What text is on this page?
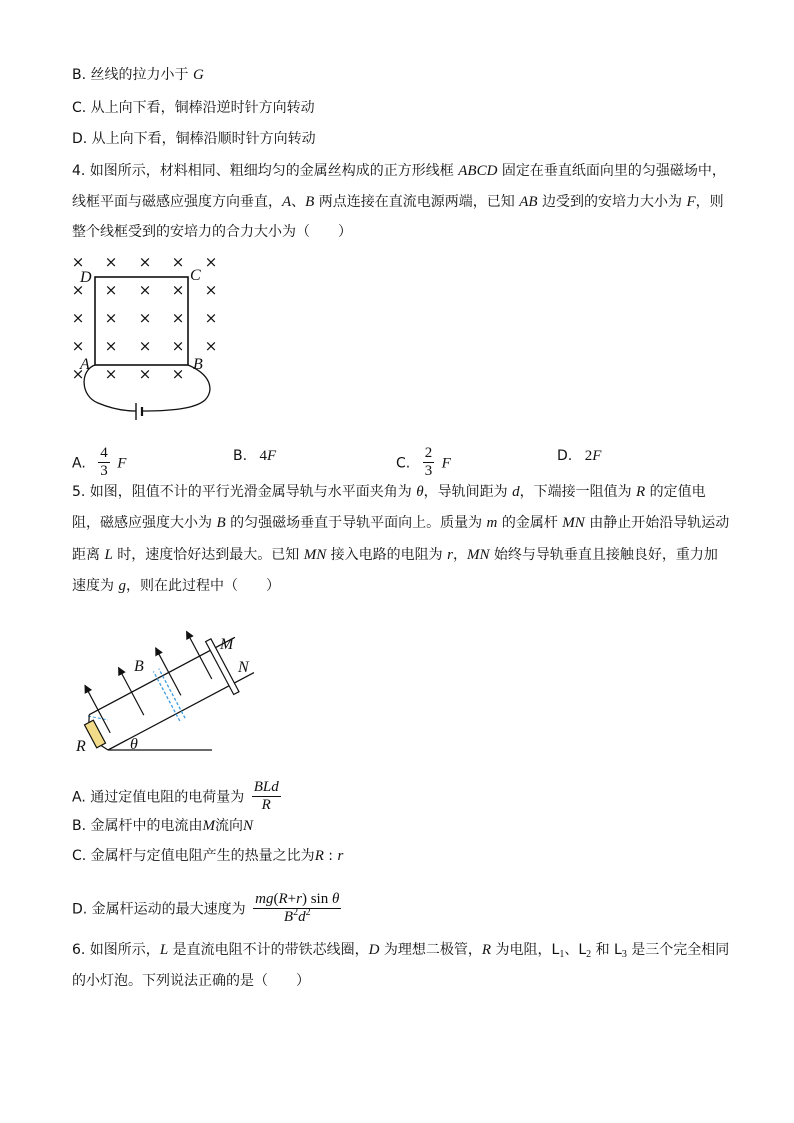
B. 丝线的拉力小于 G
C. 从上向下看，铜棒沿逆时针方向转动
D. 从上向下看，铜棒沿顺时针方向转动
4. 如图所示，材料相同、粗细均匀的金属丝构成的正方形线框 ABCD 固定在垂直纸面向里的匀强磁场中，
线框平面与磁感应强度方向垂直，A、B 两点连接在直流电源两端，已知 AB 边受到的安培力大小为 F，则
整个线框受到的安培力的合力大小为（　　）
× × × × ×
× × × × ×
× × × × ×
× × × × ×
× × × ×
D	C
A	B
A. $\frac{4}{3}$ F	B. 4F	C. $\frac{2}{3}$ F	D. 2F
5. 如图，阻值不计的平行光滑金属导轨与水平面夹角为 θ，导轨间距为 d，下端接一阻值为 R 的定值电
阻，磁感应强度大小为 B 的匀强磁场垂直于导轨平面向上。质量为 m 的金属杆 MN 由静止开始沿导轨运动
距离 L 时，速度恰好达到最大。已知 MN 接入电路的电阻为 r，MN 始终与导轨垂直且接触良好，重力加
速度为 g，则在此过程中（　　）
B
M
N
R	θ
A. 通过定值电阻的电荷量为 $\frac{\text{BLd}}{R}$
B. 金属杆中的电流由M流向N
C. 金属杆与定值电阻产生的热量之比为R : r
D. 金属杆运动的最大速度为 $\frac{\text{mg(R+r) sin θ}}{B^2d^2}$
6. 如图所示，L 是直流电阻不计的带铁芯线圈，D 为理想二极管，R 为电阻，$L_1$、$L_2$ 和 $L_3$ 是三个完全相同
的小灯泡。下列说法正确的是（　　）
